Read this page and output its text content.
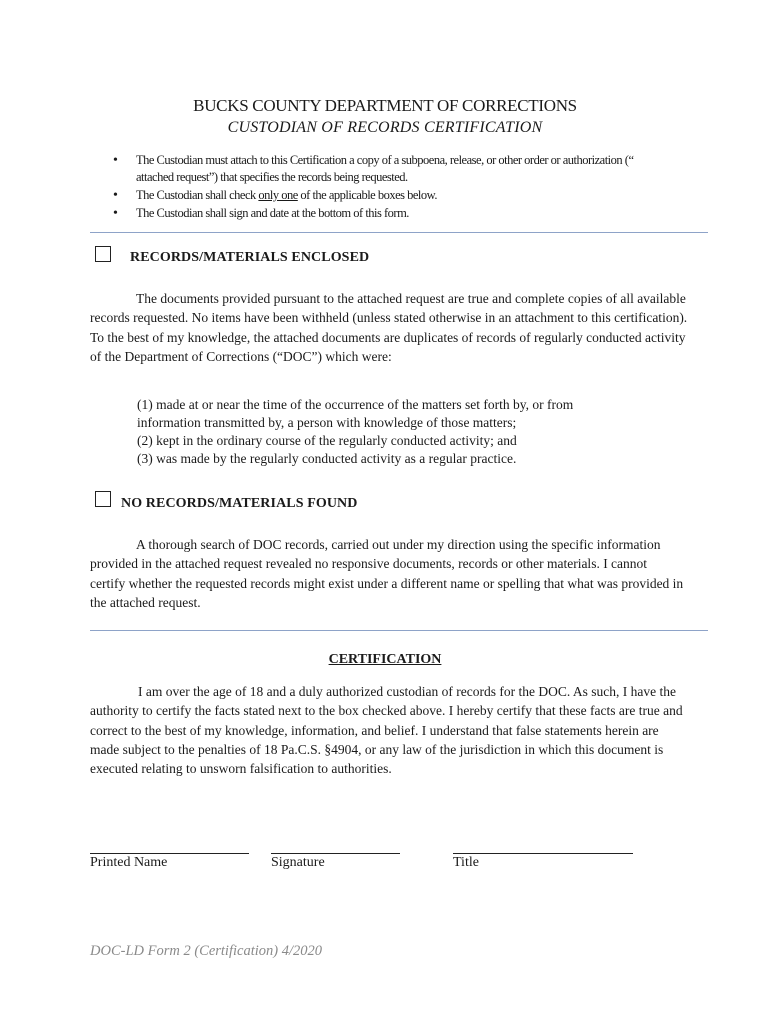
BUCKS COUNTY DEPARTMENT OF CORRECTIONS
CUSTODIAN OF RECORDS CERTIFICATION
• The Custodian must attach to this Certification a copy of a subpoena, release, or other order or authorization (“ attached request”) that specifies the records being requested.
• The Custodian shall check only one of the applicable boxes below.
• The Custodian shall sign and date at the bottom of this form.
RECORDS/MATERIALS ENCLOSED

The documents provided pursuant to the attached request are true and complete copies of all available records requested. No items have been withheld (unless stated otherwise in an attachment to this certification). To the best of my knowledge, the attached documents are duplicates of records of regularly conducted activity of the Department of Corrections (“DOC”) which were:

(1) made at or near the time of the occurrence of the matters set forth by, or from
information transmitted by, a person with knowledge of those matters;
(2) kept in the ordinary course of the regularly conducted activity; and
(3) was made by the regularly conducted activity as a regular practice.
NO RECORDS/MATERIALS FOUND

A thorough search of DOC records, carried out under my direction using the specific information provided in the attached request revealed no responsive documents, records or other materials. I cannot certify whether the requested records might exist under a different name or spelling that what was provided in the attached request.

CERTIFICATION

I am over the age of 18 and a duly authorized custodian of records for the DOC. As such, I have the authority to certify the facts stated next to the box checked above. I hereby certify that these facts are true and correct to the best of my knowledge, information, and belief. I understand that false statements herein are made subject to the penalties of 18 Pa.C.S. §4904, or any law of the jurisdiction in which this document is executed relating to unsworn falsification to authorities.

Printed Name	Signature	Title
DOC-LD Form 2 (Certification) 4/2020
